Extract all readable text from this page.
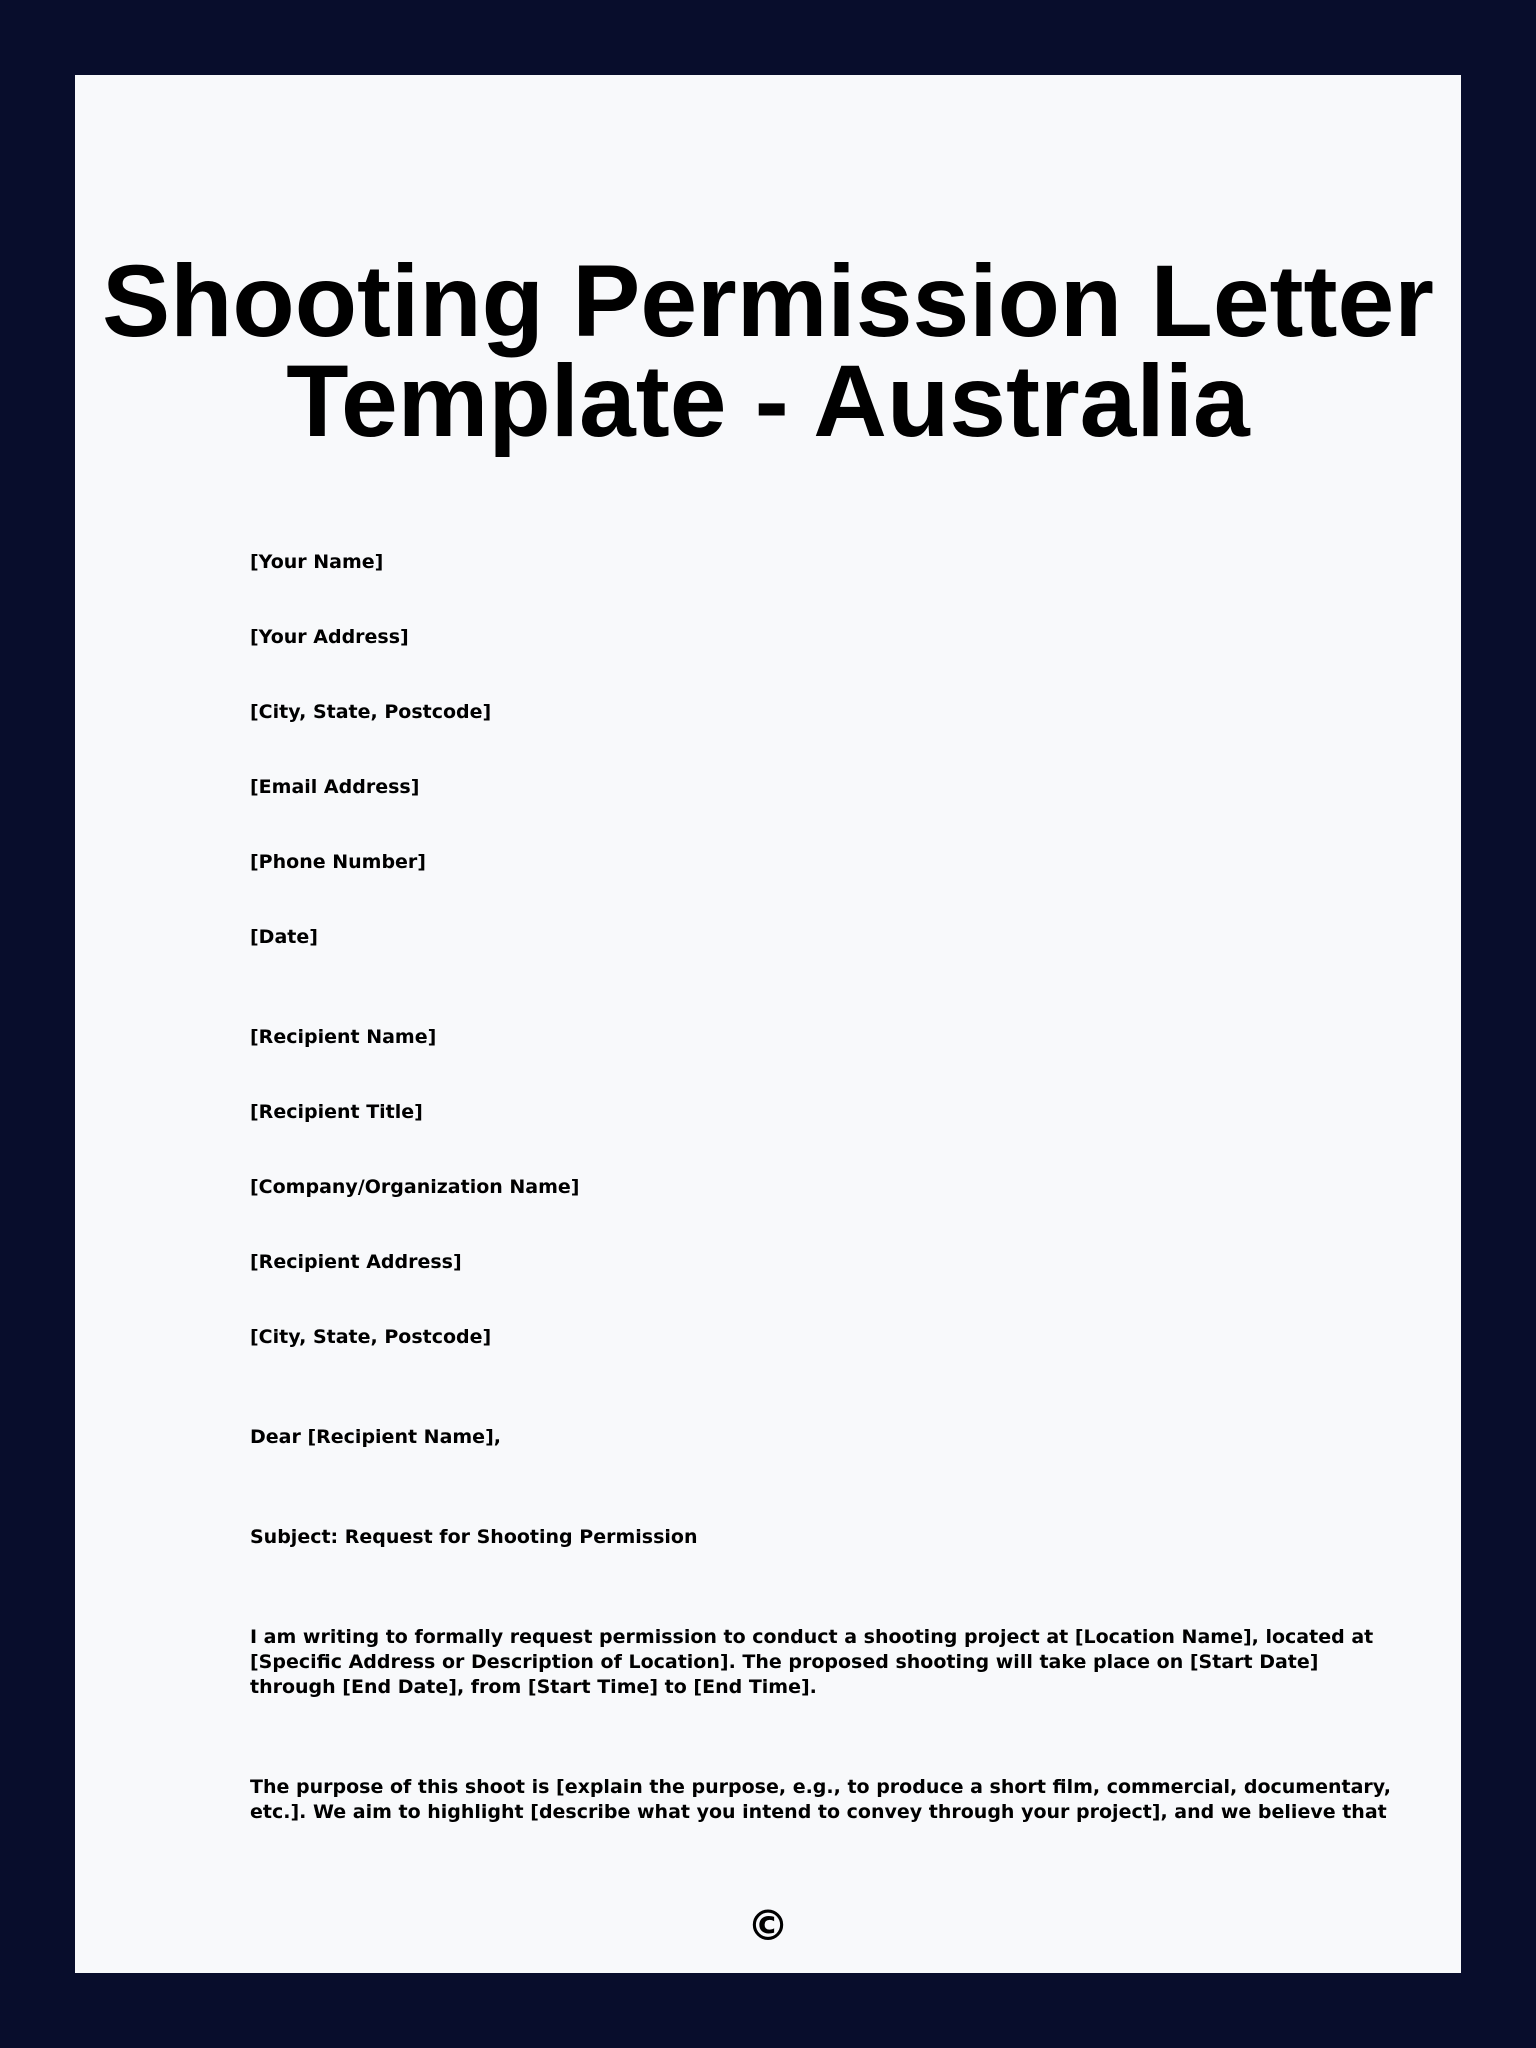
Shooting Permission Letter
Template - Australia

[Your Name]

[Your Address]

[City, State, Postcode]

[Email Address]

[Phone Number]

[Date]

[Recipient Name]

[Recipient Title]

[Company/Organization Name]

[Recipient Address]

[City, State, Postcode]

Dear [Recipient Name],

Subject: Request for Shooting Permission

I am writing to formally request permission to conduct a shooting project at [Location Name], located at
[Specific Address or Description of Location]. The proposed shooting will take place on [Start Date]
through [End Date], from [Start Time] to [End Time].
The purpose of this shoot is [explain the purpose, e.g., to produce a short film, commercial, documentary,
etc.]. We aim to highlight [describe what you intend to convey through your project], and we believe that
©
